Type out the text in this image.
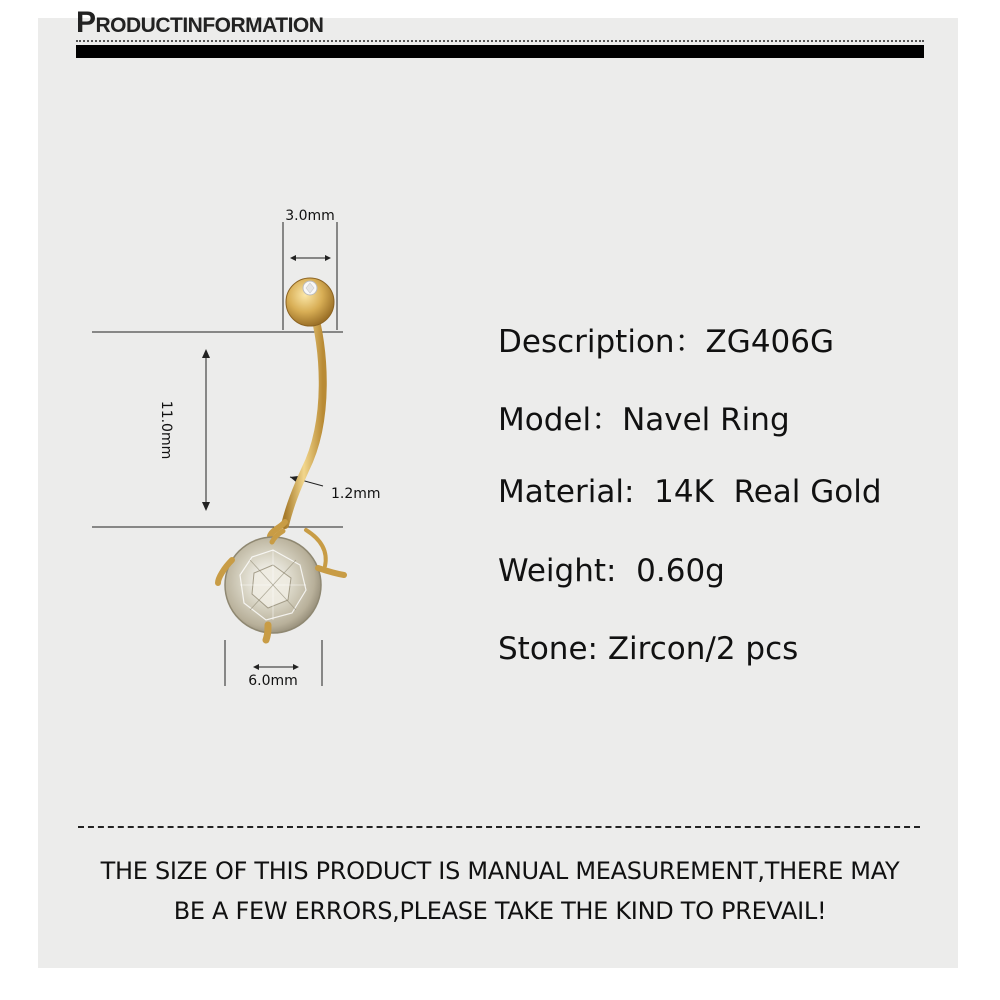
PRODUCTINFORMATION
3.0mm
11.0mm
1.2mm
6.0mm
Description：ZG406G
Model：Navel Ring
Material:  14K  Real Gold
Weight:  0.60g
Stone: Zircon/2 pcs
THE SIZE OF THIS PRODUCT IS MANUAL MEASUREMENT,THERE MAY
BE A FEW ERRORS,PLEASE TAKE THE KIND TO PREVAIL!
